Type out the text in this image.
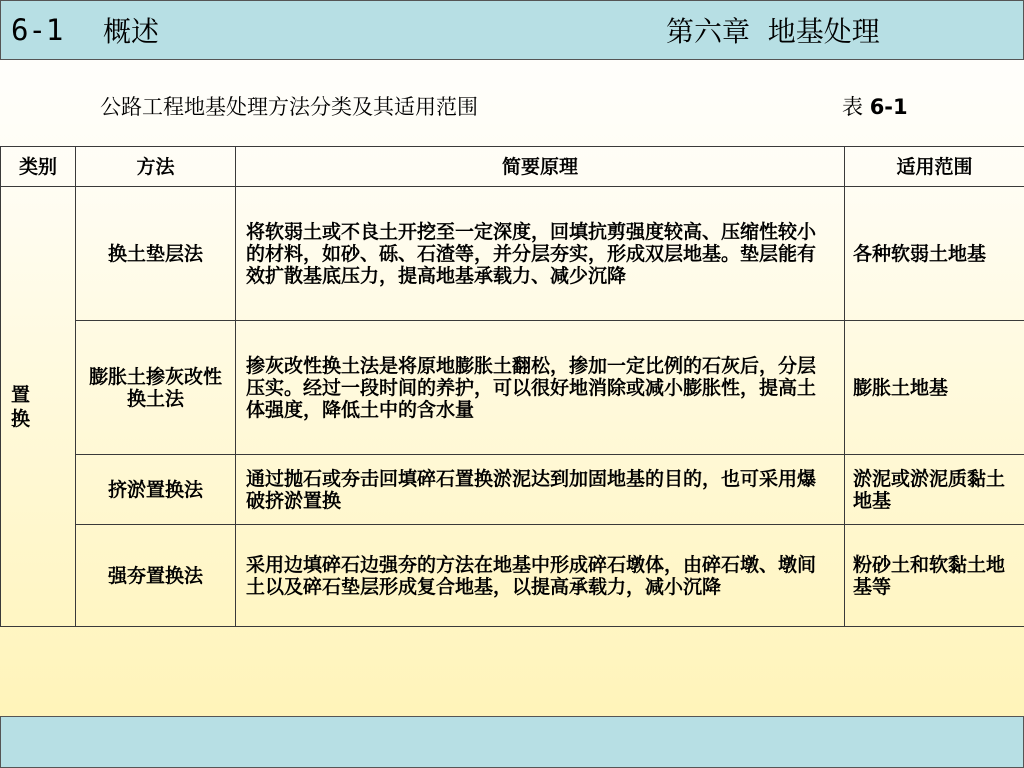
6-1 概述	第六章  地基处理
公路工程地基处理方法分类及其适用范围	表 6-1
类别	方法	简要原理	适用范围
置换	换土垫层法	将软弱土或不良土开挖至一定深度，回填抗剪强度较高、压缩性较小的材料，如砂、砾、石渣等，并分层夯实，形成双层地基。垫层能有效扩散基底压力，提高地基承载力、减少沉降	各种软弱土地基
	膨胀土掺灰改性换土法	掺灰改性换土法是将原地膨胀土翻松，掺加一定比例的石灰后，分层压实。经过一段时间的养护，可以很好地消除或减小膨胀性，提高土体强度，降低土中的含水量	膨胀土地基
	挤淤置换法	通过抛石或夯击回填碎石置换淤泥达到加固地基的目的，也可采用爆破挤淤置换	淤泥或淤泥质黏土地基
	强夯置换法	采用边填碎石边强夯的方法在地基中形成碎石墩体，由碎石墩、墩间土以及碎石垫层形成复合地基，以提高承载力，减小沉降	粉砂土和软黏土地基等
